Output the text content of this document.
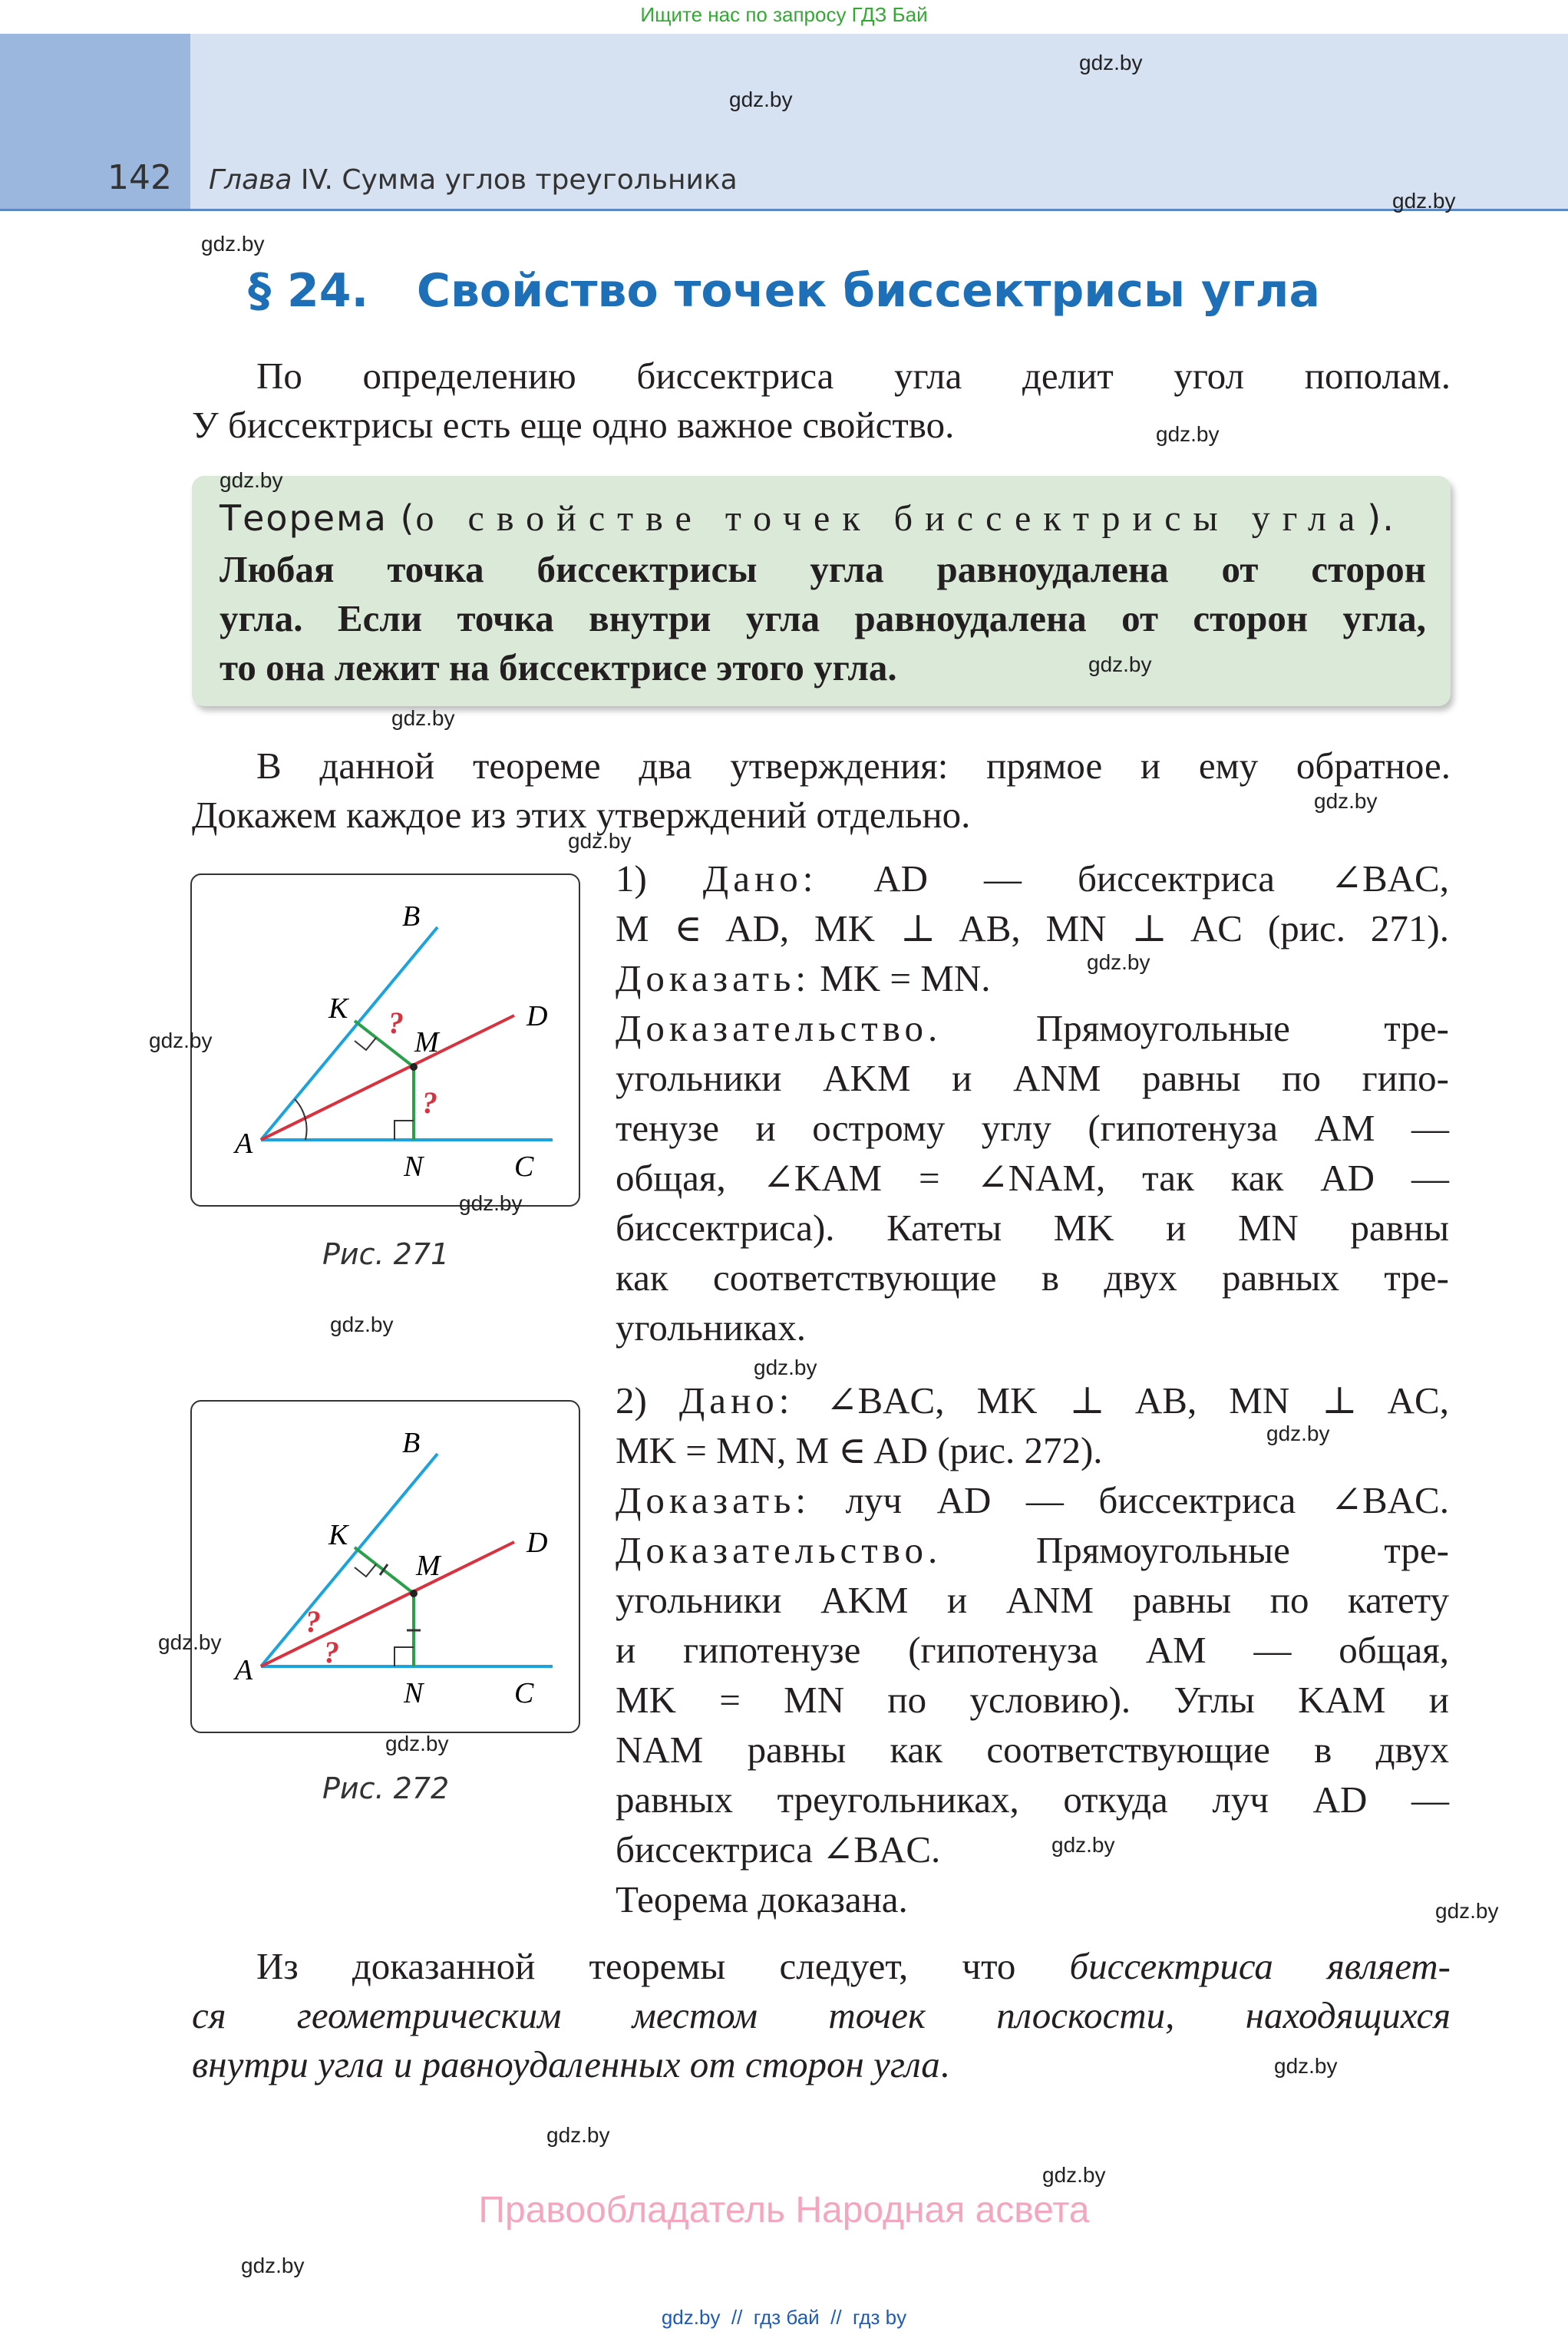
Ищите нас по запросу ГДЗ Бай
142 Глава IV. Сумма углов треугольника
§ 24.   Свойство точек биссектрисы угла
По определению биссектриса угла делит угол пополам.
У биссектрисы есть еще одно важное свойство.
Теорема (о свойстве точек биссектрисы угла).
Любая точка биссектрисы угла равноудалена от сторон
угла. Если точка внутри угла равноудалена от сторон угла,
то она лежит на биссектрисе этого угла.
В данной теореме два утверждения: прямое и ему обратное.
Докажем каждое из этих утверждений отдельно.
A
B
C
D
K
M
N
?
?
Рис. 271
A
B
C
D
K
M
N
?
?
Рис. 272

1) Дано: AD — биссектриса ∠BAC,

M ∈ AD, MK ⊥ AB, MN ⊥ AC (рис. 271).

Доказать: MK = MN.

Доказательство. Прямоугольные тре-

угольники AKM и ANM равны по гипо-

тенузе и острому углу (гипотенуза AM —

общая, ∠KAM = ∠NAM, так как AD —

биссектриса). Катеты MK и MN равны

как соответствующие в двух равных тре-

угольниках.

2) Дано: ∠BAC, MK ⊥ AB, MN ⊥ AC,

MK = MN, M ∈ AD (рис. 272).

Доказать: луч AD — биссектриса ∠BAC.

Доказательство. Прямоугольные тре-

угольники AKM и ANM равны по катету

и гипотенузе (гипотенуза AM — общая,

MK = MN по условию). Углы KAM и

NAM равны как соответствующие в двух

равных треугольниках, откуда луч AD —

биссектриса ∠BAC.

Теорема доказана.

Из доказанной теоремы следует, что биссектриса являет-
ся геометрическим местом точек плоскости, находящихся
внутри угла и равноудаленных от сторон угла.
gdz.by
gdz.by
gdz.by
gdz.by
gdz.by
gdz.by
gdz.by
gdz.by
gdz.by
gdz.by
gdz.by
gdz.by
gdz.by
gdz.by
gdz.by
gdz.by
gdz.by
gdz.by
gdz.by
gdz.by
gdz.by
gdz.by
gdz.by
gdz.by
Правообладатель Народная асвета
gdz.by  //  гдз бай  //  гдз by
